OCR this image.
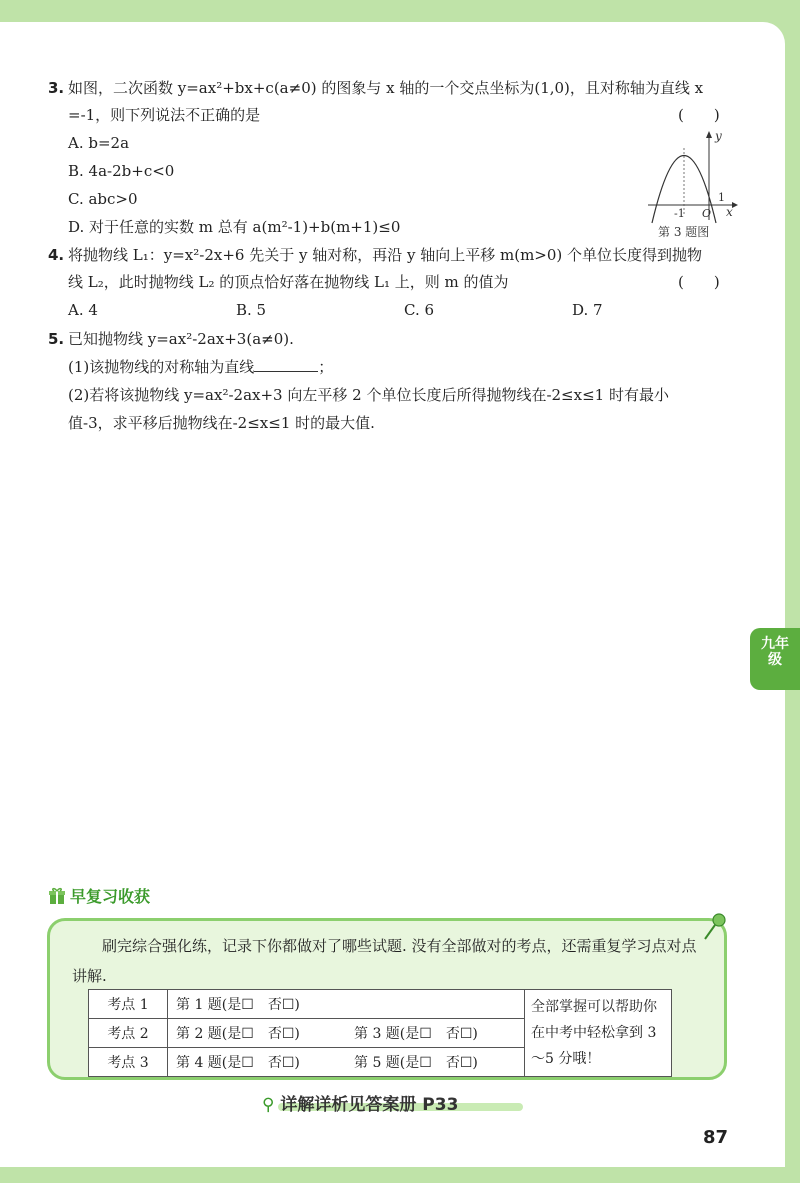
3. 如图，二次函数 y=ax²+bx+c(a≠0) 的图象与 x 轴的一个交点坐标为(1,0)，且对称轴为直线 x
=-1，则下列说法不正确的是	(　　)
A. b=2a
B. 4a-2b+c<0
C. abc>0
D. 对于任意的实数 m 总有 a(m²-1)+b(m+1)≤0
y
x
O
-1
1
第 3 题图
4. 将抛物线 L₁：y=x²-2x+6 先关于 y 轴对称，再沿 y 轴向上平移 m(m>0) 个单位长度得到抛物
线 L₂，此时抛物线 L₂ 的顶点恰好落在抛物线 L₁ 上，则 m 的值为	(　　)
A. 4	B. 5	C. 6	D. 7
5. 已知抛物线 y=ax²-2ax+3(a≠0).
(1)该抛物线的对称轴为直线	；
(2)若将该抛物线 y=ax²-2ax+3 向左平移 2 个单位长度后所得抛物线在-2≤x≤1 时有最小
值-3，求平移后抛物线在-2≤x≤1 时的最大值.
九年
级
早复习收获
刷完综合强化练，记录下你都做对了哪些试题. 没有全部做对的考点，还需重复学习点对点讲解.
考点 1	第 1 题(是☐　否☐)		全部掌握可以帮助你在中考中轻松拿到 3～5 分哦！
考点 2	第 2 题(是☐　否☐)	第 3 题(是☐　否☐)	
考点 3	第 4 题(是☐　否☐)	第 5 题(是☐　否☐)	
⚲ 详解详析见答案册 P33
87
